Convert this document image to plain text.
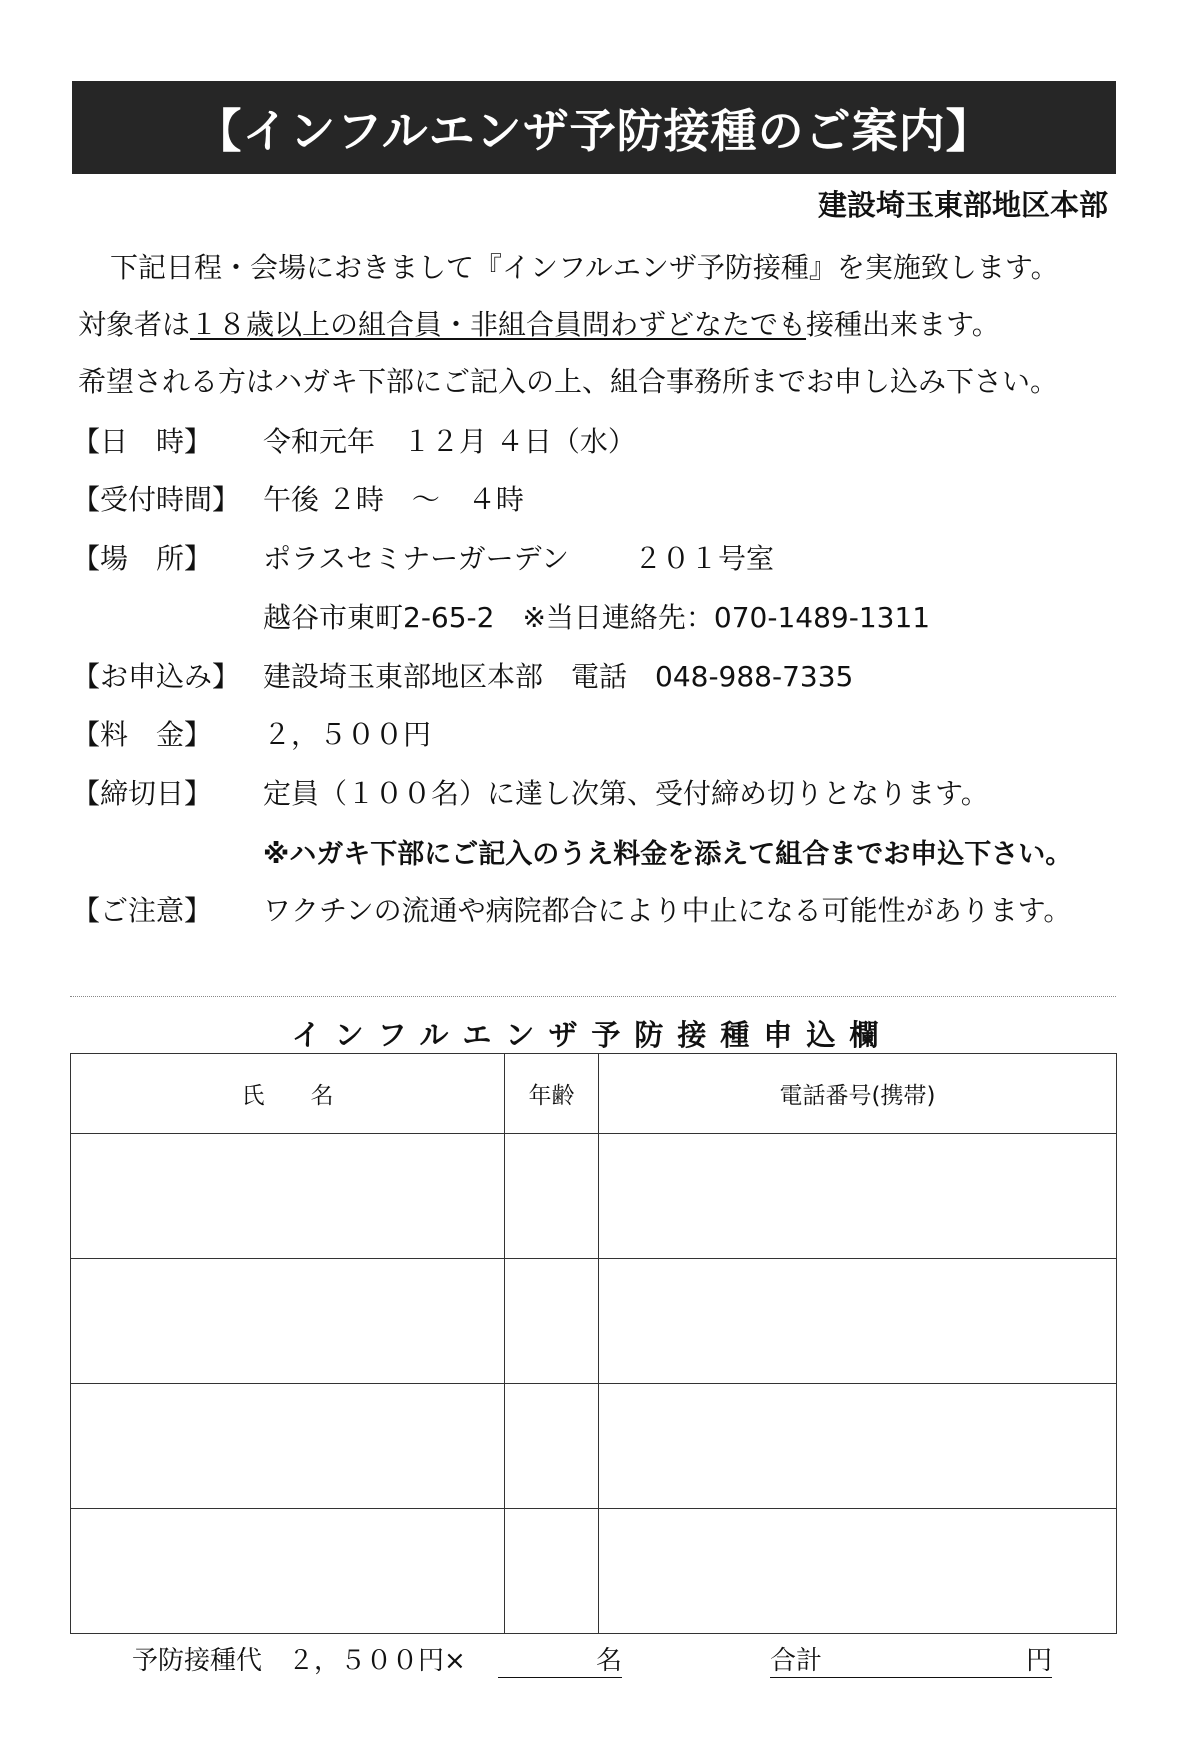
【インフルエンザ予防接種のご案内】
建設埼玉東部地区本部
下記日程・会場におきまして『インフルエンザ予防接種』を実施致します。
対象者は１８歳以上の組合員・非組合員問わずどなたでも接種出来ます。
希望される方はハガキ下部にご記入の上、組合事務所までお申し込み下さい。
【日　時】 令和元年　１２月 ４日（水）
【受付時間】 午後 ２時　～　４時
【場　所】 ポラスセミナーガーデン　　 ２０１号室
越谷市東町2-65-2　※当日連絡先：070-1489-1311
【お申込み】 建設埼玉東部地区本部　電話　048-988-7335
【料　金】 ２，５００円
【締切日】 定員（１００名）に達し次第、受付締め切りとなります。
※ハガキ下部にご記入のうえ料金を添えて組合までお申込下さい。
【ご注意】 ワクチンの流通や病院都合により中止になる可能性があります。
インフルエンザ予防接種申込欄
氏　　名	年齢	電話番号(携帯)

予防接種代　２，５００円×	名	合計	円
